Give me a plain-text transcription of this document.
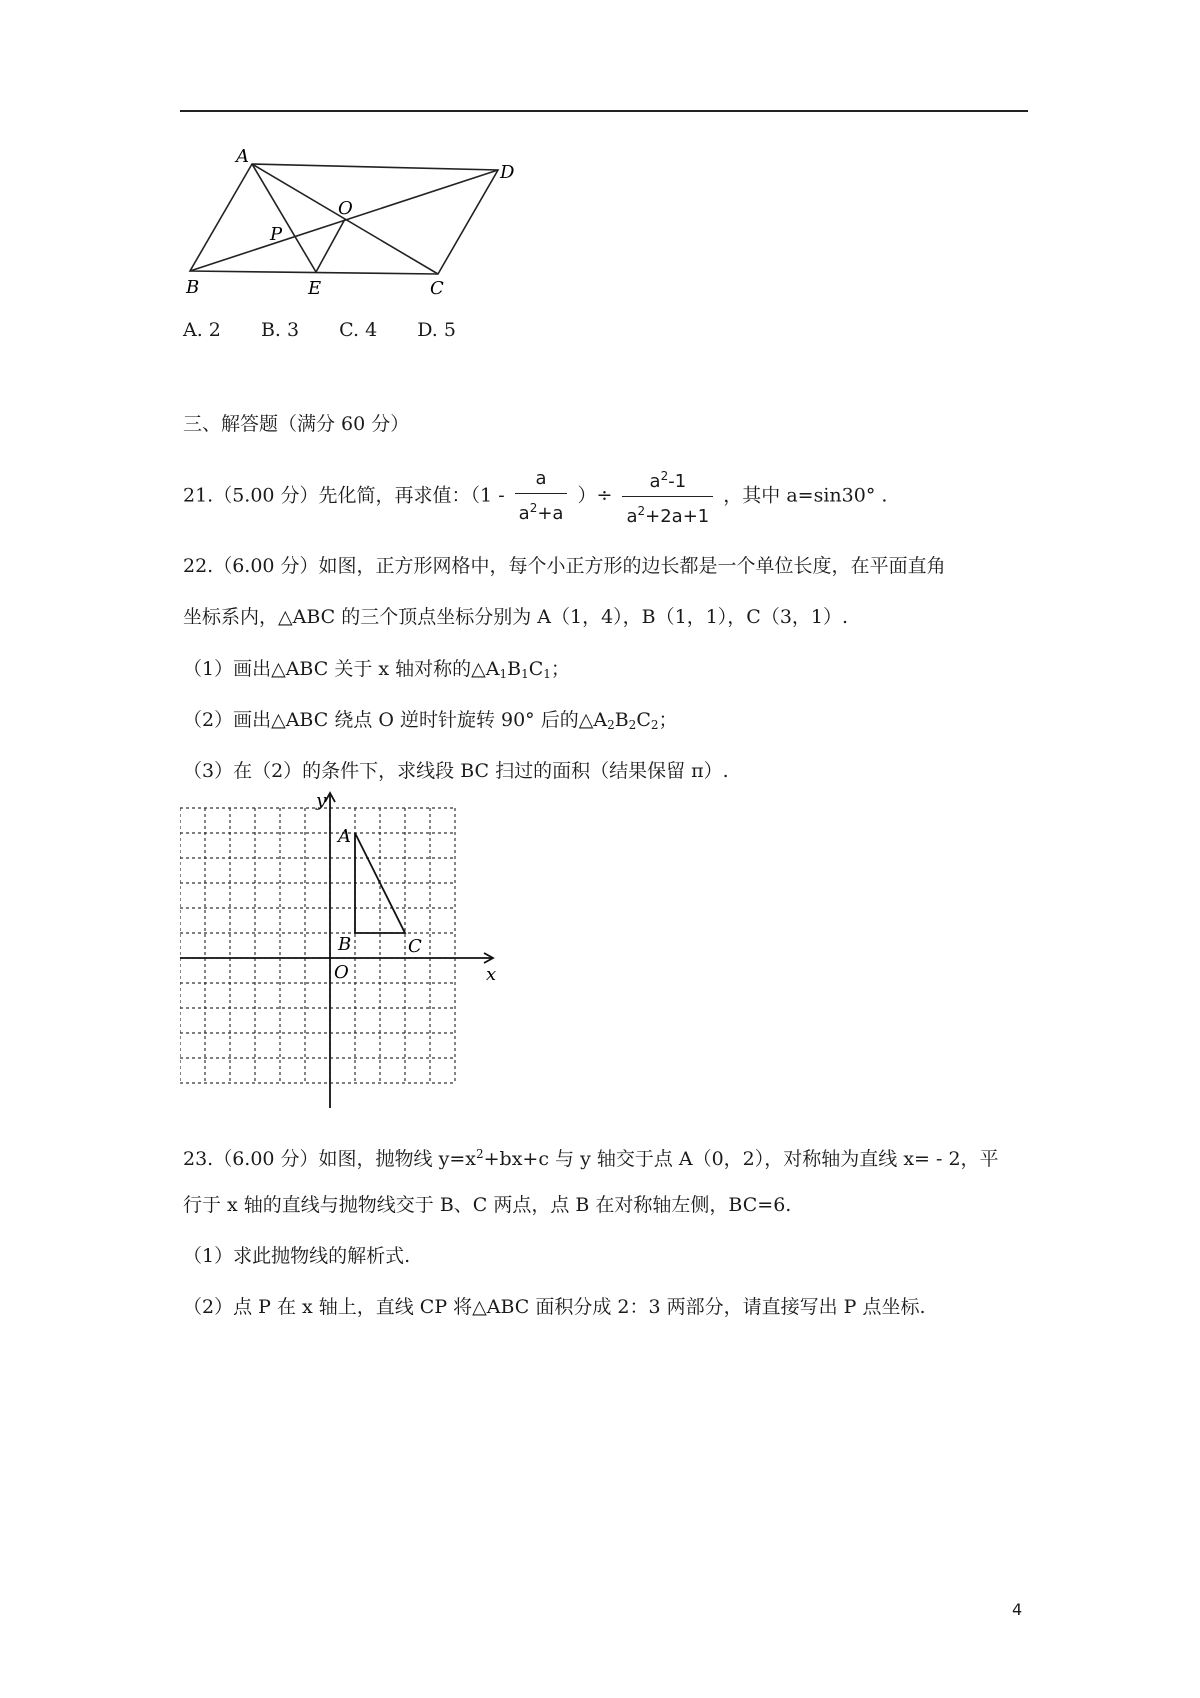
A
D
O
P
B	E	C
A. 2 B. 3 C. 4 D. 5
三、解答题（满分 60 分）
21.（5.00 分）先化简，再求值：（$1 - \frac{a}{a^2+a}$ ）÷ $\frac{a^2-1}{a^2+2a+1}$ ，其中 a=sin30° .
22.（6.00 分）如图，正方形网格中，每个小正方形的边长都是一个单位长度，在平面直角
坐标系内，△ABC 的三个顶点坐标分别为 A（1，4），B（1，1），C（3，1）.
（1）画出△ABC 关于 x 轴对称的$\triangle A_1B_1C_1$；
（2）画出△ABC 绕点 O 逆时针旋转 90° 后的$\triangle A_2B_2C_2$；
（3）在（2）的条件下，求线段 BC 扫过的面积（结果保留 π）.
y
x
A
B	C
O
23.（6.00 分）如图，抛物线 $y=x^2+bx+c$ 与 y 轴交于点 A（0，2），对称轴为直线 x= - 2，平
行于 x 轴的直线与抛物线交于 B、C 两点，点 B 在对称轴左侧，BC=6.
（1）求此抛物线的解析式.
（2）点 P 在 x 轴上，直线 CP 将△ABC 面积分成 2：3 两部分，请直接写出 P 点坐标.
4
